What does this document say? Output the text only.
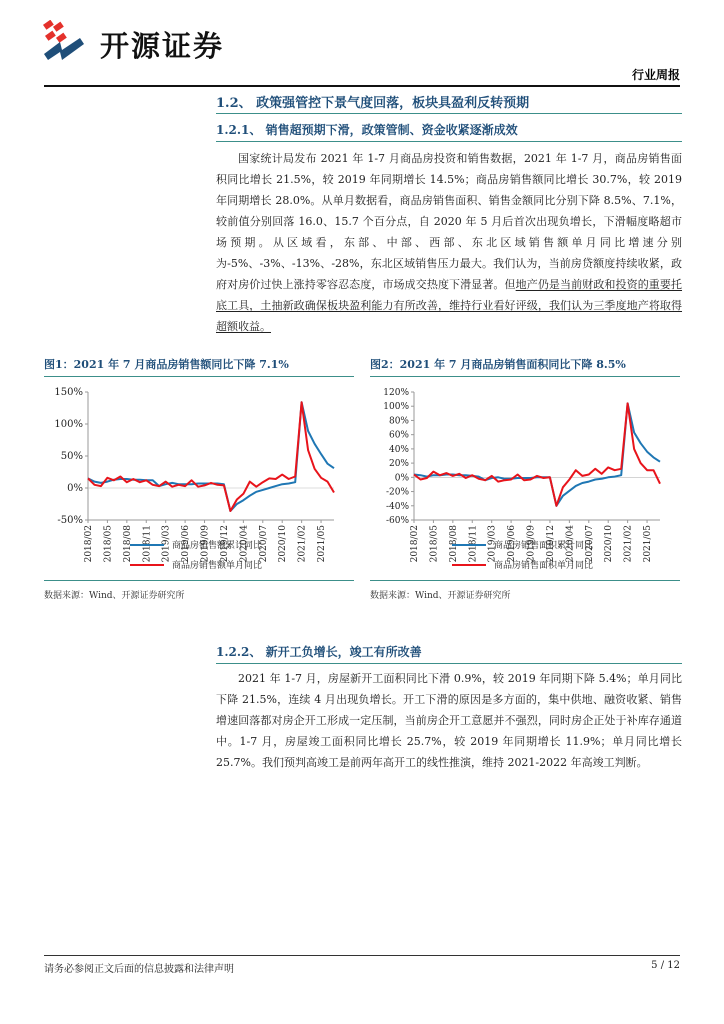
开源证券
行业周报
1.2、 政策强管控下景气度回落，板块具盈利反转预期
1.2.1、 销售超预期下滑，政策管制、资金收紧逐渐成效

国家统计局发布 2021 年 1-7 月商品房投资和销售数据，2021 年 1-7 月，商品房销售面积同比增长 21.5%，较 2019 年同期增长 14.5%；商品房销售额同比增长 30.7%，较 2019 年同期增长 28.0%。从单月数据看，商品房销售面积、销售金额同比分别下降 8.5%、7.1%，较前值分别回落 16.0、15.7 个百分点，自 2020 年 5 月后首次出现负增长，下滑幅度略超市场预期。从区域看，东部、中部、西部、东北区域销售额单月同比增速分别为-5%、-3%、-13%、-28%，东北区域销售压力最大。我们认为，当前房贷额度持续收紧，政府对房价过快上涨持零容忍态度，市场成交热度下滑显著。但地产仍是当前财政和投资的重要托底工具，土抽新政确保板块盈利能力有所改善，维持行业看好评级，我们认为三季度地产将取得超额收益。

图1：2021 年 7 月商品房销售额同比下降 7.1%
-50%
0%
50%
100%
150%
2018/02 2018/05 2018/08 2018/11 2019/03 2019/06 2019/09 2019/12 2020/04 2020/07 2020/10 2021/02 2021/05
商品房销售额累计同比
商品房销售额单月同比
数据来源：Wind、开源证券研究所
图2：2021 年 7 月商品房销售面积同比下降 8.5%
-60%
-40%
-20%
0%
20%
40%
60%
80%
100%
120%
2018/02 2018/05 2018/08 2018/11 2019/03 2019/06 2019/09 2019/12 2020/04 2020/07 2020/10 2021/02 2021/05
商品房销售面积累计同比
商品房销售面积单月同比
数据来源：Wind、开源证券研究所
1.2.2、 新开工负增长，竣工有所改善

2021 年 1-7 月，房屋新开工面积同比下滑 0.9%，较 2019 年同期下降 5.4%；单月同比下降 21.5%，连续 4 月出现负增长。开工下滑的原因是多方面的，集中供地、融资收紧、销售增速回落都对房企开工形成一定压制，当前房企开工意愿并不强烈，同时房企正处于补库存通道中。1-7 月，房屋竣工面积同比增长 25.7%，较 2019 年同期增长 11.9%；单月同比增长 25.7%。我们预判高竣工是前两年高开工的线性推演，维持 2021-2022 年高竣工判断。

请务必参阅正文后面的信息披露和法律声明	5 / 12
